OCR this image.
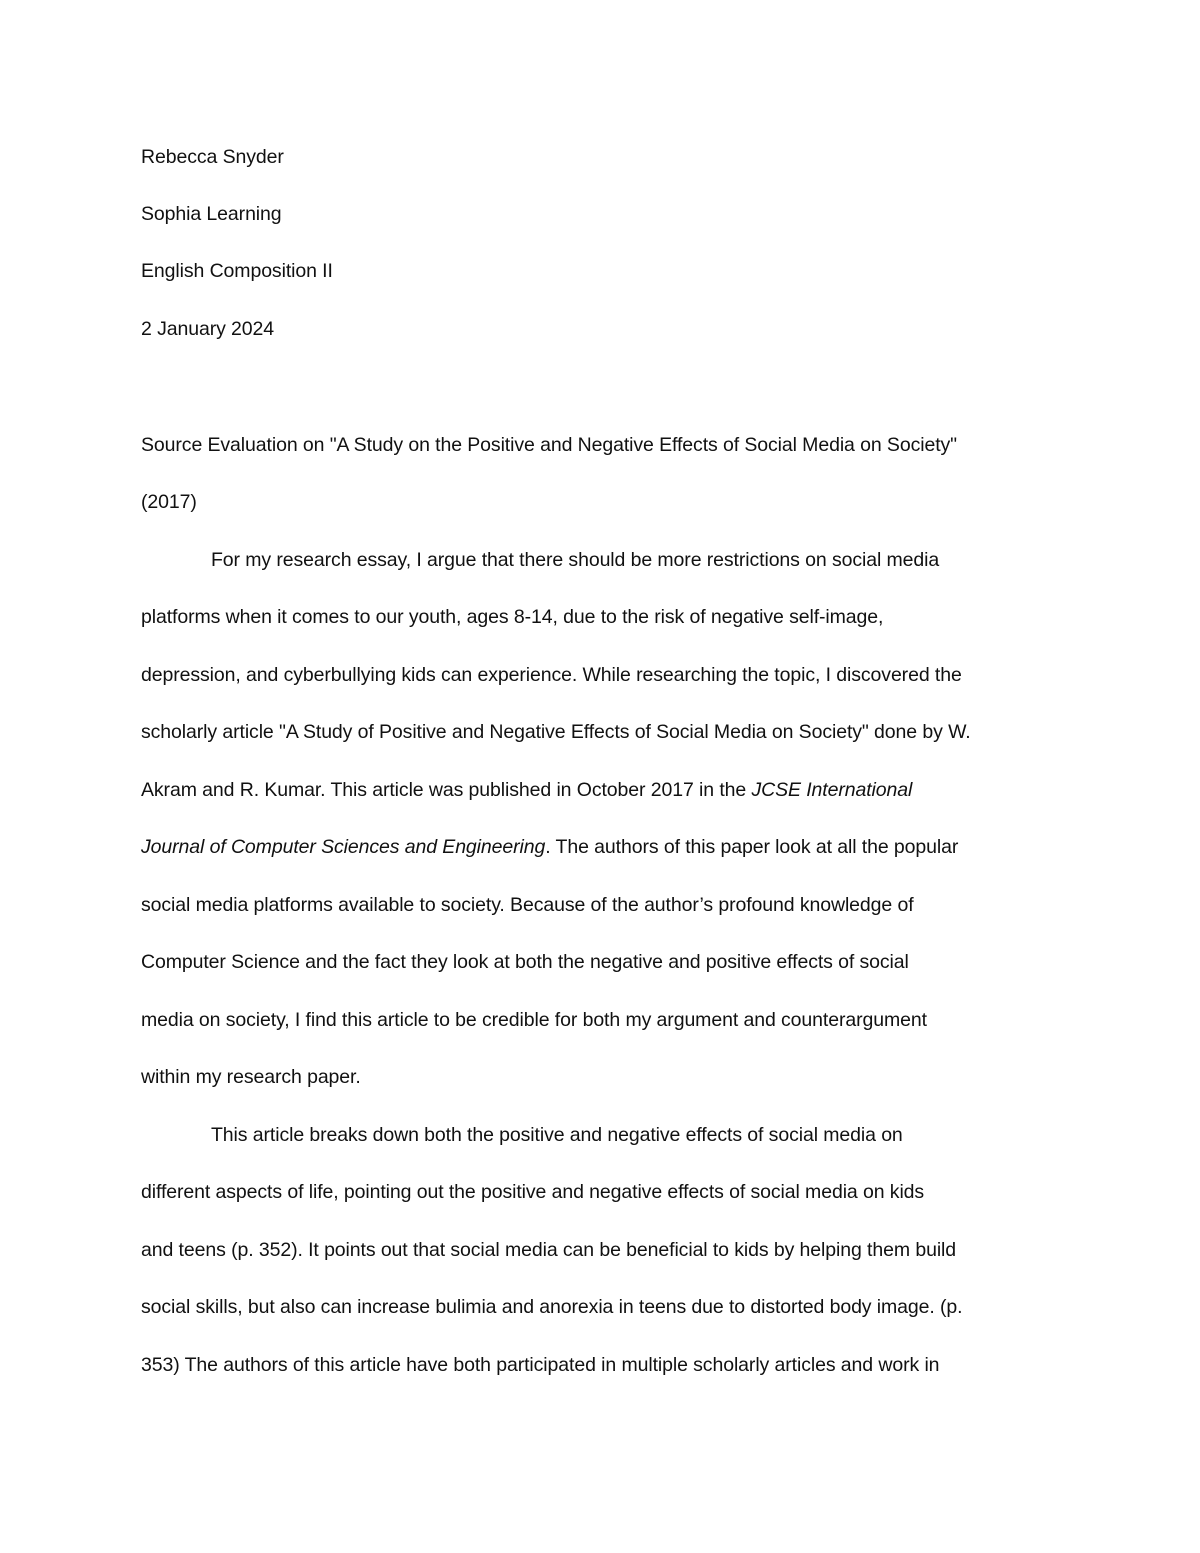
Rebecca Snyder
Sophia Learning
English Composition II
2 January 2024
Source Evaluation on "A Study on the Positive and Negative Effects of Social Media on Society"
(2017)
For my research essay, I argue that there should be more restrictions on social media
platforms when it comes to our youth, ages 8-14, due to the risk of negative self-image,
depression, and cyberbullying kids can experience. While researching the topic, I discovered the
scholarly article "A Study of Positive and Negative Effects of Social Media on Society" done by W.
Akram and R. Kumar. This article was published in October 2017 in the JCSE International
Journal of Computer Sciences and Engineering. The authors of this paper look at all the popular
social media platforms available to society. Because of the author’s profound knowledge of
Computer Science and the fact they look at both the negative and positive effects of social
media on society, I find this article to be credible for both my argument and counterargument
within my research paper.
This article breaks down both the positive and negative effects of social media on
different aspects of life, pointing out the positive and negative effects of social media on kids
and teens (p. 352). It points out that social media can be beneficial to kids by helping them build
social skills, but also can increase bulimia and anorexia in teens due to distorted body image. (p.
353) The authors of this article have both participated in multiple scholarly articles and work in
